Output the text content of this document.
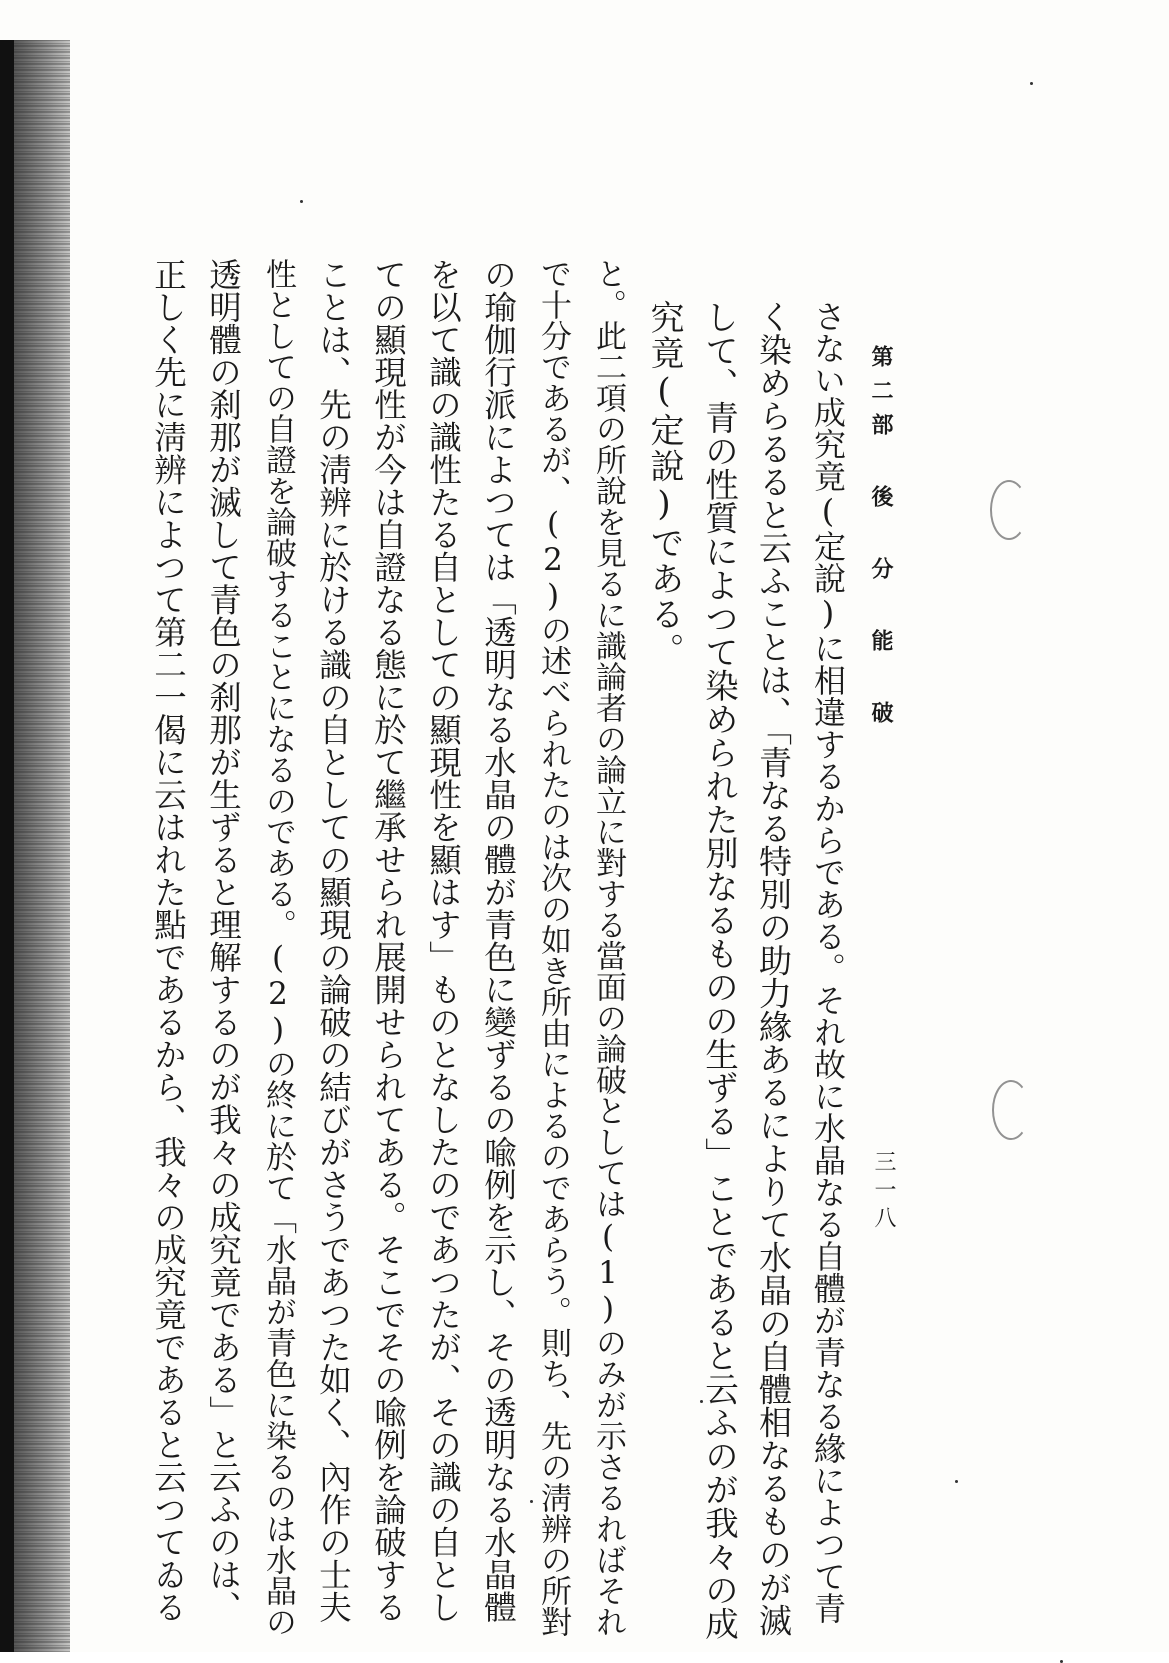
第二部 後 分 能 破
三一八
さない成究竟(定說)に相違するからである。それ故に水晶なる自體が青なる緣によつて青
く染めらるると云ふことは、「青なる特別の助力緣あるによりて水晶の自體相なるものが滅
して、青の性質によつて染められた別なるものの生ずる」ことであると云ふのが我々の成
究竟(定說)である。
と。此二項の所說を見るに識論者の論立に對する當面の論破としては(1)のみが示さるればそれ
で十分であるが、(2)の述べられたのは次の如き所由によるのであらう。則ち、先の淸辨の所對
の瑜伽行派によつては「透明なる水晶の體が青色に變ずるの喩例を示し、その透明なる水晶體
を以て識の識性たる自としての顯現性を顯はす」ものとなしたのであつたが、その識の自とし
ての顯現性が今は自證なる態に於て繼承せられ展開せられてある。そこでその喩例を論破する
ことは、先の淸辨に於ける識の自としての顯現の論破の結びがさうであつた如く、內作の士夫
性としての自證を論破することになるのである。(2)の終に於て「水晶が青色に染るのは水晶の
透明體の刹那が滅して青色の刹那が生ずると理解するのが我々の成究竟である」と云ふのは、
正しく先に淸辨によつて第二一偈に云はれた點であるから、我々の成究竟であると云つてゐる
